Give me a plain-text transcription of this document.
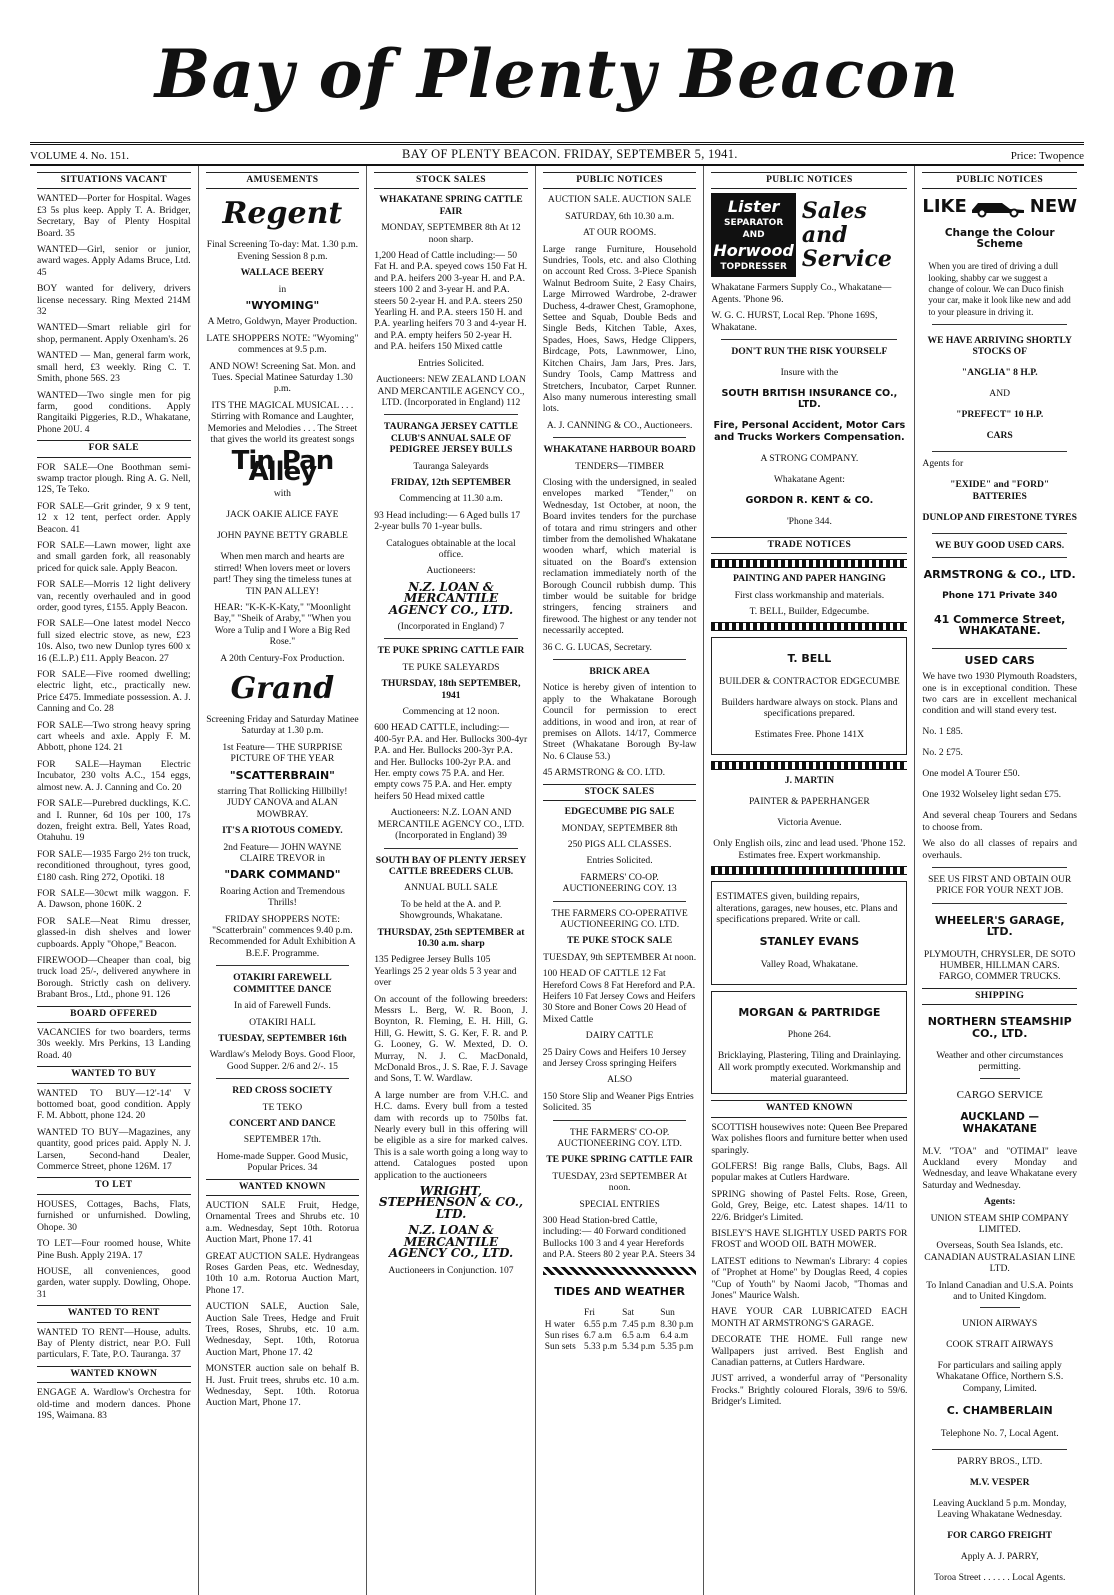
Bay of Plenty Beacon
VOLUME 4. No. 151.	BAY OF PLENTY BEACON. FRIDAY, SEPTEMBER 5, 1941.	Price: Twopence
SITUATIONS VACANT

WANTED—Porter for Hospital. Wages £3 5s plus keep. Apply T. A. Bridger, Secretary, Bay of Plenty Hospital Board. 35

WANTED—Girl, senior or junior, award wages. Apply Adams Bruce, Ltd. 45

BOY wanted for delivery, drivers license necessary. Ring Mexted 214M 32

WANTED—Smart reliable girl for shop, permanent. Apply Oxenham's. 26

WANTED — Man, general farm work, small herd, £3 weekly. Ring C. T. Smith, phone 56S. 23

WANTED—Two single men for pig farm, good conditions. Apply Rangitaiki Piggeries, R.D., Whakatane, Phone 20U. 4

FOR SALE

FOR SALE—One Boothman semi-swamp tractor plough. Ring A. G. Nell, 12S, Te Teko.

FOR SALE—Grit grinder, 9 x 9 tent, 12 x 12 tent, perfect order. Apply Beacon. 41

FOR SALE—Lawn mower, light axe and small garden fork, all reasonably priced for quick sale. Apply Beacon.

FOR SALE—Morris 12 light delivery van, recently overhauled and in good order, good tyres, £155. Apply Beacon.

FOR SALE—One latest model Necco full sized electric stove, as new, £23 10s. Also, two new Dunlop tyres 600 x 16 (E.L.P.) £11. Apply Beacon. 27

FOR SALE—Five roomed dwelling; electric light, etc., practically new. Price £475. Immediate possession. A. J. Canning and Co. 28

FOR SALE—Two strong heavy spring cart wheels and axle. Apply F. M. Abbott, phone 124. 21

FOR SALE—Hayman Electric Incubator, 230 volts A.C., 154 eggs, almost new. A. J. Canning and Co. 20

FOR SALE—Purebred ducklings, K.C. and I. Runner, 6d 10s per 100, 17s dozen, freight extra. Bell, Yates Road, Otahuhu. 19

FOR SALE—1935 Fargo 2½ ton truck, reconditioned throughout, tyres good, £180 cash. Ring 272, Opotiki. 18

FOR SALE—30cwt milk waggon. F. A. Dawson, phone 160K. 2

FOR SALE—Neat Rimu dresser, glassed-in dish shelves and lower cupboards. Apply "Ohope," Beacon.

FIREWOOD—Cheaper than coal, big truck load 25/-, delivered anywhere in Borough. Strictly cash on delivery. Brabant Bros., Ltd., phone 91. 126

BOARD OFFERED

VACANCIES for two boarders, terms 30s weekly. Mrs Perkins, 13 Landing Road. 40

WANTED TO BUY

WANTED TO BUY—12'-14' V bottomed boat, good condition. Apply F. M. Abbott, phone 124. 20

WANTED TO BUY—Magazines, any quantity, good prices paid. Apply N. J. Larsen, Second-hand Dealer, Commerce Street, phone 126M. 17

TO LET

HOUSES, Cottages, Bachs, Flats, furnished or unfurnished. Dowling, Ohope. 30

TO LET—Four roomed house, White Pine Bush. Apply 219A. 17

HOUSE, all conveniences, good garden, water supply. Dowling, Ohope. 31

WANTED TO RENT

WANTED TO RENT—House, adults. Bay of Plenty district, near P.O. Full particulars, F. Tate, P.O. Tauranga. 37

WANTED KNOWN

ENGAGE A. Wardlow's Orchestra for old-time and modern dances. Phone 19S, Waimana. 83

AMUSEMENTS
Regent

Final Screening To-day: Mat. 1.30 p.m. Evening Session 8 p.m.

WALLACE BEERY

in

"WYOMING"

A Metro, Goldwyn, Mayer Production.

LATE SHOPPERS NOTE: "Wyoming" commences at 9.5 p.m.

AND NOW! Screening Sat. Mon. and Tues. Special Matinee Saturday 1.30 p.m.

ITS THE MAGICAL MUSICAL . . . Stirring with Romance and Laughter, Memories and Melodies . . . The Street that gives the world its greatest songs

Tin Pan Alley

with

JACK OAKIE ALICE FAYE

JOHN PAYNE BETTY GRABLE

When men march and hearts are stirred! When lovers meet or lovers part! They sing the timeless tunes at TIN PAN ALLEY!

HEAR: "K-K-K-Katy," "Moonlight Bay," "Sheik of Araby," "When you Wore a Tulip and I Wore a Big Red Rose."

A 20th Century-Fox Production.

Grand

Screening Friday and Saturday Matinee Saturday at 1.30 p.m.

1st Feature— THE SURPRISE PICTURE OF THE YEAR

"SCATTERBRAIN"

starring That Rollicking Hillbilly! JUDY CANOVA and ALAN MOWBRAY.

IT'S A RIOTOUS COMEDY.

2nd Feature— JOHN WAYNE CLAIRE TREVOR in

"DARK COMMAND"

Roaring Action and Tremendous Thrills!

FRIDAY SHOPPERS NOTE: "Scatterbrain" commences 9.40 p.m. Recommended for Adult Exhibition A B.E.F. Programme.

OTAKIRI FAREWELL COMMITTEE DANCE

In aid of Farewell Funds.

OTAKIRI HALL

TUESDAY, SEPTEMBER 16th

Wardlaw's Melody Boys. Good Floor, Good Supper. 2/6 and 2/-. 15

RED CROSS SOCIETY

TE TEKO

CONCERT AND DANCE

SEPTEMBER 17th.

Home-made Supper. Good Music, Popular Prices. 34

WANTED KNOWN

AUCTION SALE Fruit, Hedge, Ornamental Trees and Shrubs etc. 10 a.m. Wednesday, Sept 10th. Rotorua Auction Mart, Phone 17. 41

GREAT AUCTION SALE. Hydrangeas Roses Garden Peas, etc. Wednesday, 10th 10 a.m. Rotorua Auction Mart, Phone 17.

AUCTION SALE, Auction Sale, Auction Sale Trees, Hedge and Fruit Trees, Roses, Shrubs, etc. 10 a.m. Wednesday, Sept. 10th, Rotorua Auction Mart, Phone 17. 42

MONSTER auction sale on behalf B. H. Just. Fruit trees, shrubs etc. 10 a.m. Wednesday, Sept. 10th. Rotorua Auction Mart, Phone 17.

STOCK SALES

WHAKATANE SPRING CATTLE FAIR

MONDAY, SEPTEMBER 8th At 12 noon sharp.

1,200 Head of Cattle including:— 50 Fat H. and P.A. speyed cows 150 Fat H. and P.A. heifers 200 3-year H. and P.A. steers 100 2 and 3-year H. and P.A. steers 50 2-year H. and P.A. steers 250 Yearling H. and P.A. steers 150 H. and P.A. yearling heifers 70 3 and 4-year H. and P.A. empty heifers 50 2-year H. and P.A. heifers 150 Mixed cattle

Entries Solicited.

Auctioneers: NEW ZEALAND LOAN AND MERCANTILE AGENCY CO., LTD. (Incorporated in England) 112

TAURANGA JERSEY CATTLE CLUB'S ANNUAL SALE OF PEDIGREE JERSEY BULLS

Tauranga Saleyards

FRIDAY, 12th SEPTEMBER

Commencing at 11.30 a.m.

93 Head including:— 6 Aged bulls 17 2-year bulls 70 1-year bulls.

Catalogues obtainable at the local office.

Auctioneers:

N.Z. LOAN & MERCANTILE AGENCY CO., LTD.

(Incorporated in England) 7

TE PUKE SPRING CATTLE FAIR

TE PUKE SALEYARDS

THURSDAY, 18th SEPTEMBER, 1941

Commencing at 12 noon.

600 HEAD CATTLE, including:— 400-5yr P.A. and Her. Bullocks 300-4yr P.A. and Her. Bullocks 200-3yr P.A. and Her. Bullocks 100-2yr P.A. and Her. empty cows 75 P.A. and Her. empty cows 75 P.A. and Her. empty heifers 50 Head mixed cattle

Auctioneers: N.Z. LOAN AND MERCANTILE AGENCY CO., LTD. (Incorporated in England) 39

SOUTH BAY OF PLENTY JERSEY CATTLE BREEDERS CLUB.

ANNUAL BULL SALE

To be held at the A. and P. Showgrounds, Whakatane.

THURSDAY, 25th SEPTEMBER at 10.30 a.m. sharp

135 Pedigree Jersey Bulls 105 Yearlings 25 2 year olds 5 3 year and over

On account of the following breeders: Messrs L. Berg, W. R. Boon, J. Boynton, R. Fleming, E. H. Hill, G. Hill, G. Hewitt, S. G. Ker, F. R. and P. G. Looney, G. W. Mexted, D. O. Murray, N. J. C. MacDonald, McDonald Bros., J. S. Rae, F. J. Savage and Sons, T. W. Wardlaw.

A large number are from V.H.C. and H.C. dams. Every bull from a tested dam with records up to 750lbs fat. Nearly every bull in this offering will be eligible as a sire for marked calves. This is a sale worth going a long way to attend. Catalogues posted upon application to the auctioneers

WRIGHT, STEPHENSON & CO., LTD.

N.Z. LOAN & MERCANTILE AGENCY CO., LTD.

Auctioneers in Conjunction. 107

PUBLIC NOTICES

AUCTION SALE. AUCTION SALE

SATURDAY, 6th 10.30 a.m.

AT OUR ROOMS.

Large range Furniture, Household Sundries, Tools, etc. and also Clothing on account Red Cross. 3-Piece Spanish Walnut Bedroom Suite, 2 Easy Chairs, Large Mirrowed Wardrobe, 2-drawer Duchess, 4-drawer Chest, Gramophone, Settee and Squab, Double Beds and Single Beds, Kitchen Table, Axes, Spades, Hoes, Saws, Hedge Clippers, Birdcage, Pots, Lawnmower, Lino, Kitchen Chairs, Jam Jars, Pres. Jars, Sundry Tools, Camp Mattress and Stretchers, Incubator, Carpet Runner. Also many numerous interesting small lots.

A. J. CANNING & CO., Auctioneers.

WHAKATANE HARBOUR BOARD

TENDERS—TIMBER

Closing with the undersigned, in sealed envelopes marked "Tender," on Wednesday, 1st October, at noon, the Board invites tenders for the purchase of totara and rimu stringers and other timber from the demolished Whakatane wooden wharf, which material is situated on the Board's extension reclamation immediately north of the Borough Council rubbish dump. This timber would be suitable for bridge stringers, fencing strainers and firewood. The highest or any tender not necessarily accepted.

36 C. G. LUCAS, Secretary.

BRICK AREA

Notice is hereby given of intention to apply to the Whakatane Borough Council for permission to erect additions, in wood and iron, at rear of premises on Allots. 14/17, Commerce Street (Whakatane Borough By-law No. 6 Clause 53.)

45 ARMSTRONG & CO. LTD.

STOCK SALES

EDGECUMBE PIG SALE

MONDAY, SEPTEMBER 8th

250 PIGS ALL CLASSES.

Entries Solicited.

FARMERS' CO-OP. AUCTIONEERING COY. 13

THE FARMERS CO-OPERATIVE AUCTIONEERING CO. LTD.

TE PUKE STOCK SALE

TUESDAY, 9th SEPTEMBER At noon.

100 HEAD OF CATTLE 12 Fat Hereford Cows 8 Fat Hereford and P.A. Heifers 10 Fat Jersey Cows and Heifers 30 Store and Boner Cows 20 Head of Mixed Cattle

DAIRY CATTLE

25 Dairy Cows and Heifers 10 Jersey and Jersey Cross springing Heifers

ALSO

150 Store Slip and Weaner Pigs Entries Solicited. 35

THE FARMERS' CO-OP. AUCTIONEERING COY. LTD.

TE PUKE SPRING CATTLE FAIR

TUESDAY, 23rd SEPTEMBER At noon.

SPECIAL ENTRIES

300 Head Station-bred Cattle, including:— 40 Forward conditioned Bullocks 100 3 and 4 year Herefords and P.A. Steers 80 2 year P.A. Steers 34

TIDES AND WEATHER

	Fri	Sat	Sun
H water	6.55 p.m	7.45 p.m	8.30 p.m
Sun rises	6.7 a.m	6.5 a.m	6.4 a.m
Sun sets	5.33 p.m	5.34 p.m	5.35 p.m
PUBLIC NOTICES
Lister
SEPARATOR
AND
Horwood
TOPDRESSER
Sales and Service

Whakatane Farmers Supply Co., Whakatane—Agents. 'Phone 96.

W. G. C. HURST, Local Rep. 'Phone 169S, Whakatane.

DON'T RUN THE RISK YOURSELF

Insure with the

SOUTH BRITISH INSURANCE CO., LTD.

Fire, Personal Accident, Motor Cars and Trucks Workers Compensation.

A STRONG COMPANY.

Whakatane Agent:

GORDON R. KENT & CO.

'Phone 344.

TRADE NOTICES

PAINTING AND PAPER HANGING

First class workmanship and materials.

T. BELL, Builder, Edgecumbe.

T. BELL

BUILDER & CONTRACTOR EDGECUMBE

Builders hardware always on stock. Plans and specifications prepared.

Estimates Free. Phone 141X

J. MARTIN

PAINTER & PAPERHANGER

Victoria Avenue.

Only English oils, zinc and lead used. 'Phone 152. Estimates free. Expert workmanship.

ESTIMATES given, building repairs, alterations, garages, new houses, etc. Plans and specifications prepared. Write or call.

STANLEY EVANS

Valley Road, Whakatane.

MORGAN & PARTRIDGE

Phone 264.

Bricklaying, Plastering, Tiling and Drainlaying. All work promptly executed. Workmanship and material guaranteed.

WANTED KNOWN

SCOTTISH housewives note: Queen Bee Prepared Wax polishes floors and furniture better when used sparingly.

GOLFERS! Big range Balls, Clubs, Bags. All popular makes at Cutlers Hardware.

SPRING showing of Pastel Felts. Rose, Green, Gold, Grey, Beige, etc. Latest shapes. 14/11 to 22/6. Bridger's Limited.

BISLEY'S HAVE SLIGHTLY USED PARTS FOR FROST and WOOD OIL BATH MOWER.

LATEST editions to Newman's Library: 4 copies of "Prophet at Home" by Douglas Reed, 4 copies "Cup of Youth" by Naomi Jacob, "Thomas and Jones" Maurice Walsh.

HAVE YOUR CAR LUBRICATED EACH MONTH AT ARMSTRONG'S GARAGE.

DECORATE THE HOME. Full range new Wallpapers just arrived. Best English and Canadian patterns, at Cutlers Hardware.

JUST arrived, a wonderful array of "Personality Frocks." Brightly coloured Florals, 39/6 to 59/6. Bridger's Limited.

PUBLIC NOTICES
LIKE	NEW

Change the Colour Scheme

When you are tired of driving a dull looking, shabby car we suggest a change of colour. We can Duco finish your car, make it look like new and add to your pleasure in driving it.

WE HAVE ARRIVING SHORTLY STOCKS OF

"ANGLIA" 8 H.P.

AND

"PREFECT" 10 H.P.

CARS

Agents for

"EXIDE" and "FORD" BATTERIES

DUNLOP AND FIRESTONE TYRES

WE BUY GOOD USED CARS.

ARMSTRONG & CO., LTD.

Phone 171 Private 340

41 Commerce Street, WHAKATANE.

USED CARS

We have two 1930 Plymouth Roadsters, one is in exceptional condition. These two cars are in excellent mechanical condition and will stand every test.

No. 1 £85.

No. 2 £75.

One model A Tourer £50.

One 1932 Wolseley light sedan £75.

And several cheap Tourers and Sedans to choose from.

We also do all classes of repairs and overhauls.

SEE US FIRST AND OBTAIN OUR PRICE FOR YOUR NEXT JOB.

WHEELER'S GARAGE, LTD.

PLYMOUTH, CHRYSLER, DE SOTO HUMBER, HILLMAN CARS. FARGO, COMMER TRUCKS.

SHIPPING

NORTHERN STEAMSHIP CO., LTD.

Weather and other circumstances permitting.

CARGO SERVICE

AUCKLAND — WHAKATANE

M.V. "TOA" and "OTIMAI" leave Auckland every Monday and Wednesday, and leave Whakatane every Saturday and Wednesday.

Agents:

UNION STEAM SHIP COMPANY LIMITED.

Overseas, South Sea Islands, etc. CANADIAN AUSTRALASIAN LINE LTD.

To Inland Canadian and U.S.A. Points and to United Kingdom.

UNION AIRWAYS

COOK STRAIT AIRWAYS

For particulars and sailing apply Whakatane Office, Northern S.S. Company, Limited.

C. CHAMBERLAIN

Telephone No. 7, Local Agent.

PARRY BROS., LTD.

M.V. VESPER

Leaving Auckland 5 p.m. Monday, Leaving Whakatane Wednesday.

FOR CARGO FREIGHT

Apply A. J. PARRY,

Toroa Street . . . . . . Local Agents.
